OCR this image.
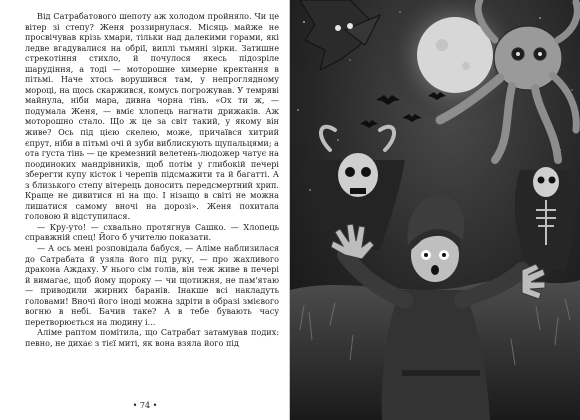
Від Сатрабатового шепоту аж холодом пройняло. Чи це вітер зі степу? Женя роззирнулася. Місяць майже не просвічував крізь хмари, тільки над далекими горами, які ледве вгадувалися на обрії, виплі тьмяні зірки. Затишне стрекотіння стихло, й почулося якесь підозріле шарудіння, а тоді — моторошне химерне кректання в пітьмі. Наче хтось ворушився там, у непроглядному мороці, на щось скаржився, комусь погрожував. У темряві майнула, ніби мара, дивна чорна тінь. «Ох ти ж, — подумала Женя, — вміє хлопець нагнати дрижаків. Аж моторошно стало. Що ж це за світ такий, у якому він живе? Ось під цією скелею, може, причаївся хитрий єпрут, ніби в пітьмі очі й зуби виблискують щупальцями; а ота густа тінь — це кремезний велетень-людожер чатує на поодиноких мандрівників, щоб потім у глибокій печері зберегти купу кісток і черепів підсмажити та й багатті. А з близького степу вітерець доносить передсмертний хрип. Краще не дивитися ні на що. І нізащо в світі не можна лишатися самому вночі на дорозі». Женя похитала головою й відступилася.

— Кру-уто! — схвально протягнув Сашко. — Хлопець справжній спец! Його б учителю показати.

— А ось мені розповідала бабуся, — Аліме наблизилася до Сатрабата й узяла його під руку, — про жахливого дракона Аждаху. У нього сім голів, він теж живе в печері й вимагає, щоб йому щороку — чи щотижня, не пам'ятаю — приводили жирних баранів. Інакше всі накладуть головами! Вночі його іноді можна здріти в образі змієвого вогню в небі. Бачив таке? А в тебе бувають часу перетворюється на людину і...

Аліме раптом помітила, що Сатрабат затамував подих: певно, не дихає з тієї миті, як вона взяла його під

• 74 •
